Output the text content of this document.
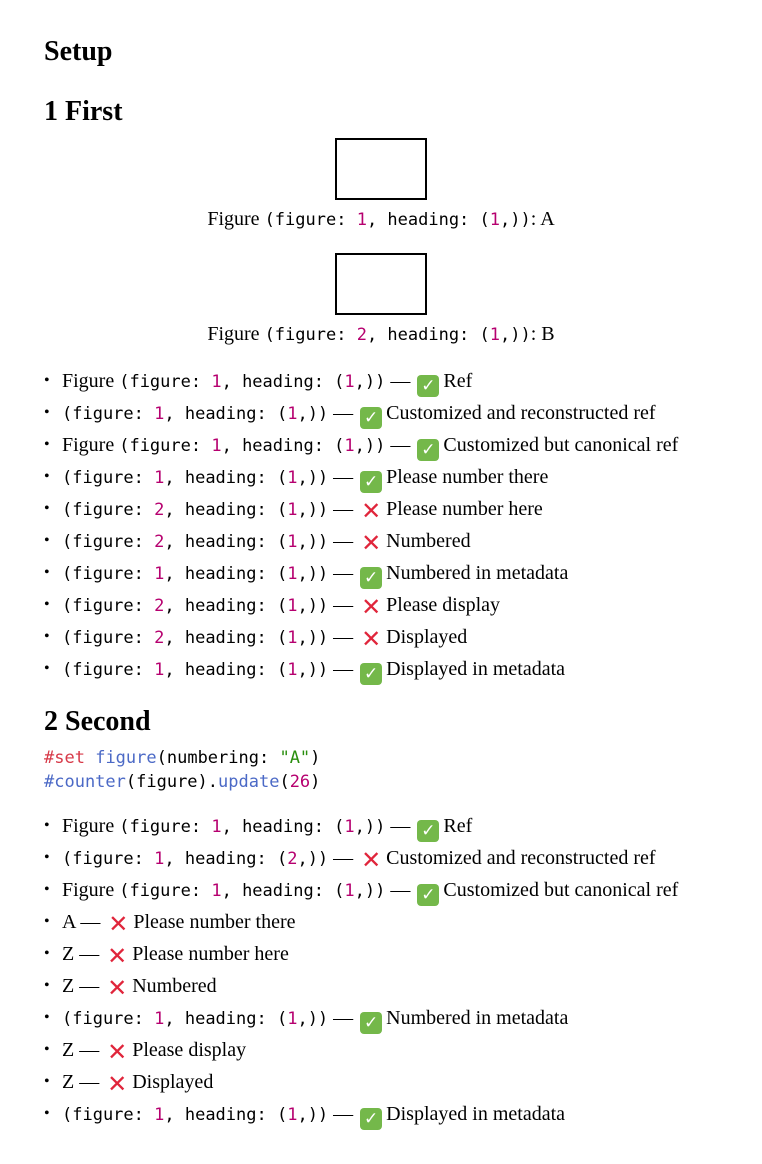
Setup
1 First
Figure (figure: 1, heading: (1,)): A
Figure (figure: 2, heading: (1,)): B
• Figure (figure: 1, heading: (1,)) — ✓ Ref
• (figure: 1, heading: (1,)) — ✓ Customized and reconstructed ref
• Figure (figure: 1, heading: (1,)) — ✓ Customized but canonical ref
• (figure: 1, heading: (1,)) — ✓ Please number there
• (figure: 2, heading: (1,)) — ✕ Please number here
• (figure: 2, heading: (1,)) — ✕ Numbered
• (figure: 1, heading: (1,)) — ✓ Numbered in metadata
• (figure: 2, heading: (1,)) — ✕ Please display
• (figure: 2, heading: (1,)) — ✕ Displayed
• (figure: 1, heading: (1,)) — ✓ Displayed in metadata
2 Second
#set figure(numbering: "A")
#counter(figure).update(26)
• Figure (figure: 1, heading: (1,)) — ✓ Ref
• (figure: 1, heading: (2,)) — ✕ Customized and reconstructed ref
• Figure (figure: 1, heading: (1,)) — ✓ Customized but canonical ref
• A — ✕ Please number there
• Z — ✕ Please number here
• Z — ✕ Numbered
• (figure: 1, heading: (1,)) — ✓ Numbered in metadata
• Z — ✕ Please display
• Z — ✕ Displayed
• (figure: 1, heading: (1,)) — ✓ Displayed in metadata
